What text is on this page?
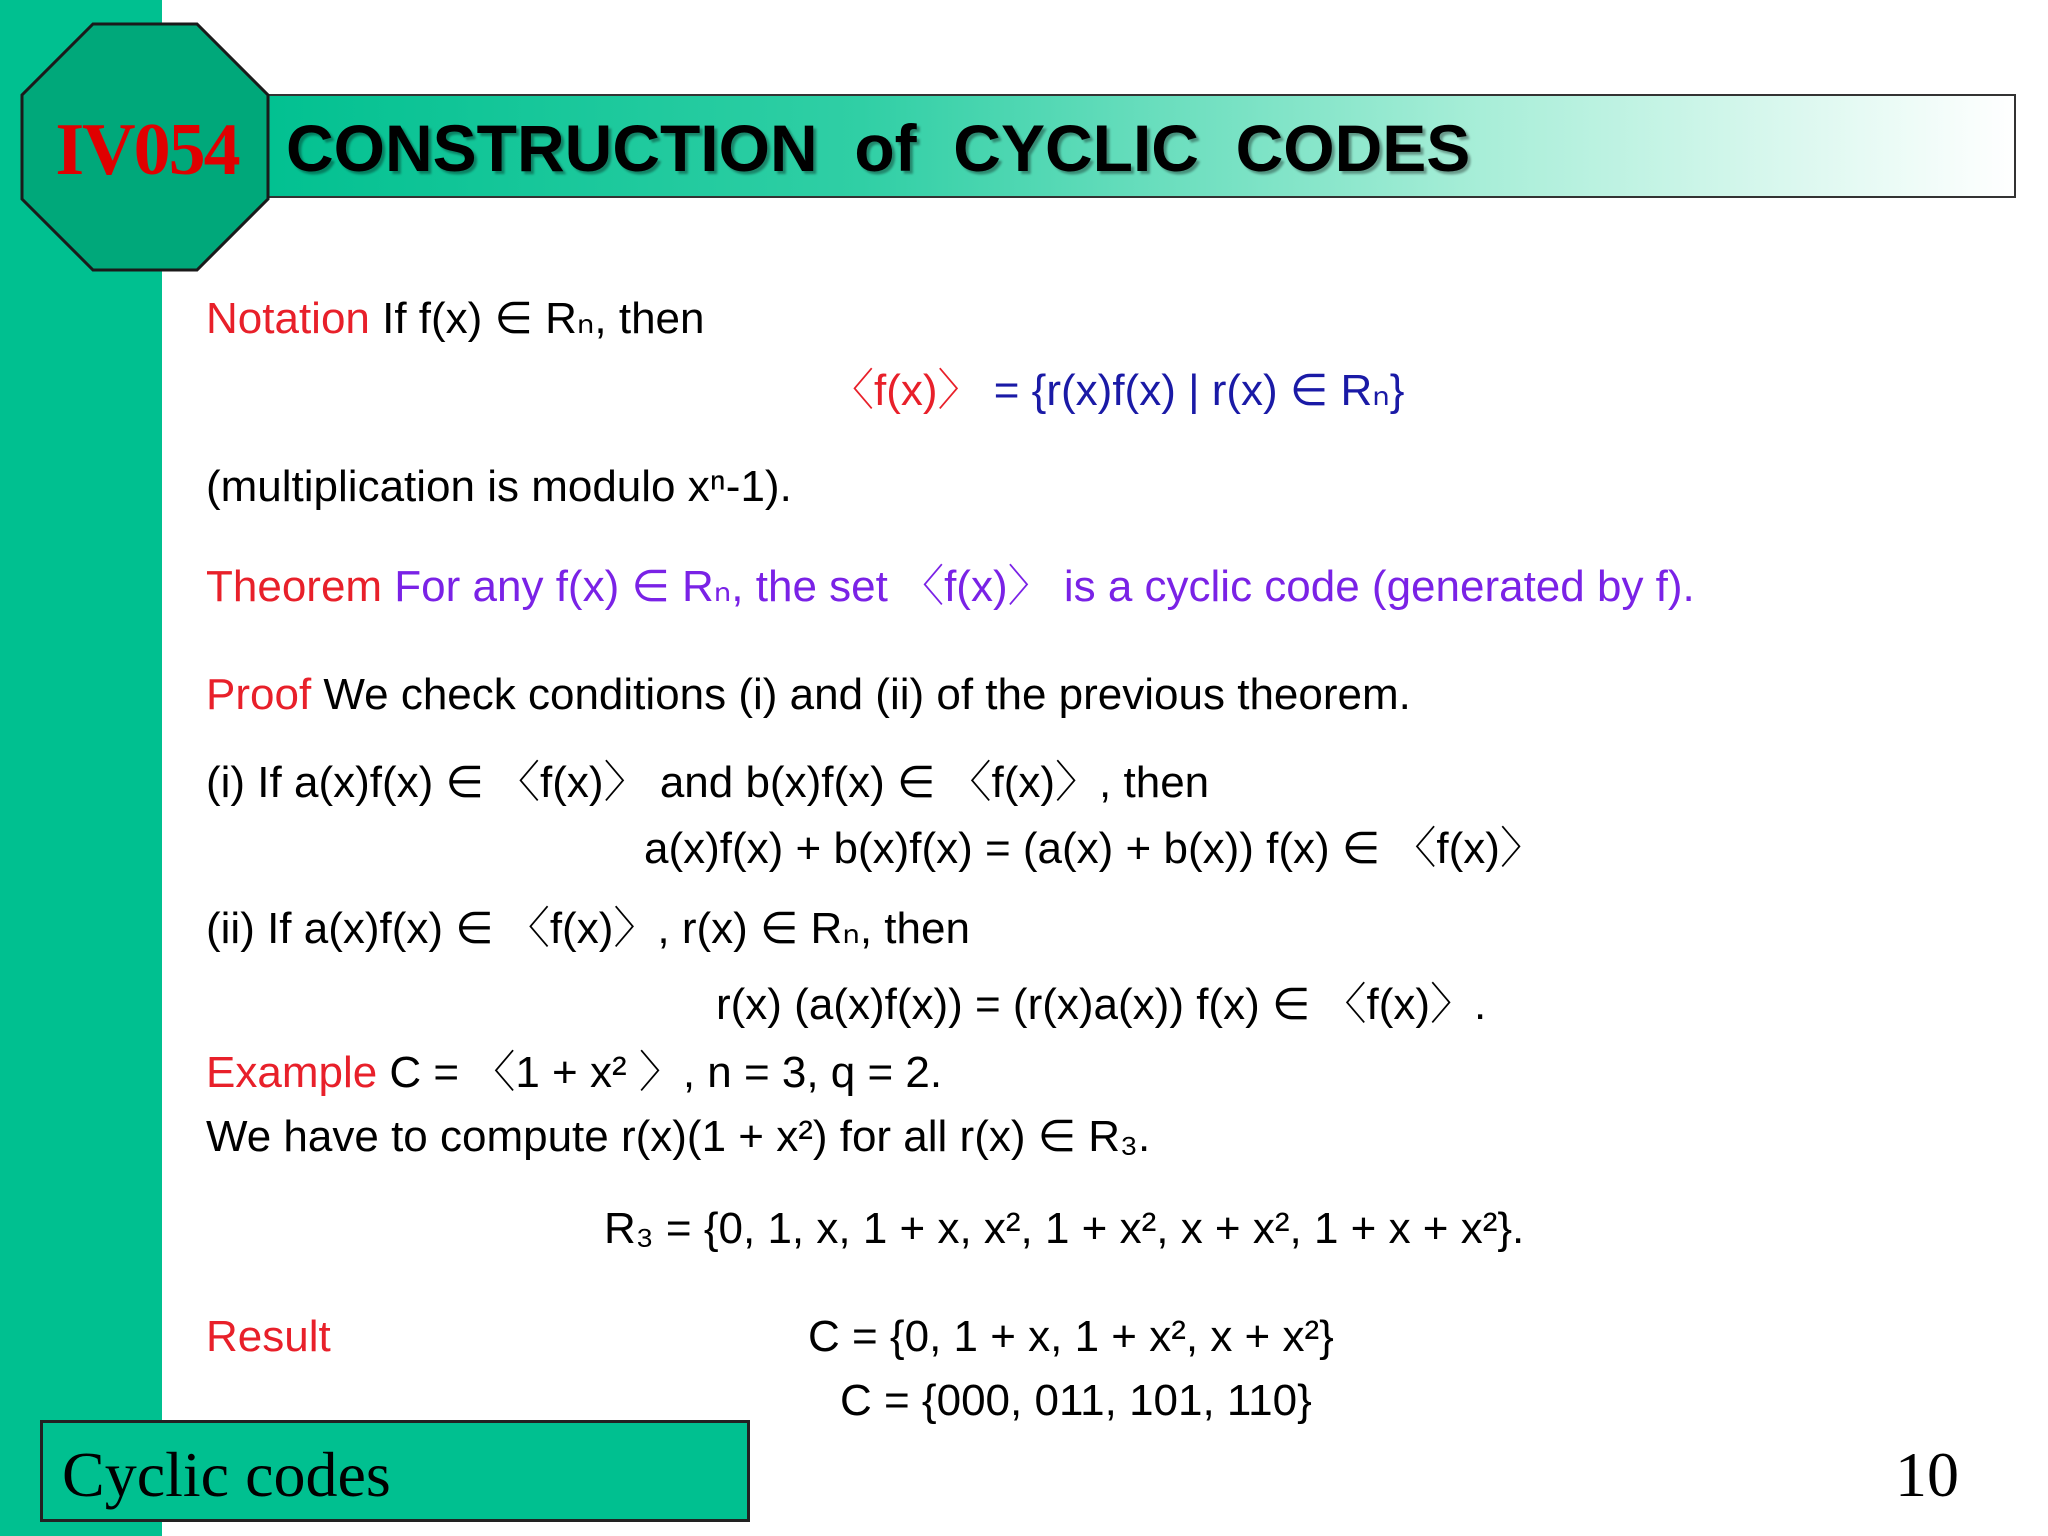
CONSTRUCTION  of  CYCLIC  CODES
IV054
Notation If f(x) ∈ Rₙ, then
〈f(x)〉 = {r(x)f(x) | r(x) ∈ Rₙ}
(multiplication is modulo xⁿ-1).
Theorem For any f(x) ∈ Rₙ, the set 〈f(x)〉 is a cyclic code (generated by f).
Proof We check conditions (i) and (ii) of the previous theorem.
(i) If a(x)f(x) ∈ 〈f(x)〉 and b(x)f(x) ∈ 〈f(x)〉, then
a(x)f(x) + b(x)f(x) = (a(x) + b(x)) f(x) ∈ 〈f(x)〉
(ii) If a(x)f(x) ∈ 〈f(x)〉, r(x) ∈ Rₙ, then
r(x) (a(x)f(x)) = (r(x)a(x)) f(x) ∈ 〈f(x)〉.
Example C = 〈1 + x² 〉, n = 3, q = 2.
We have to compute r(x)(1 + x²) for all r(x) ∈ R₃.
R₃ = {0, 1, x, 1 + x, x², 1 + x², x + x², 1 + x + x²}.
Result	C = {0, 1 + x, 1 + x², x + x²}
C = {000, 011, 101, 110}
Cyclic codes	10
